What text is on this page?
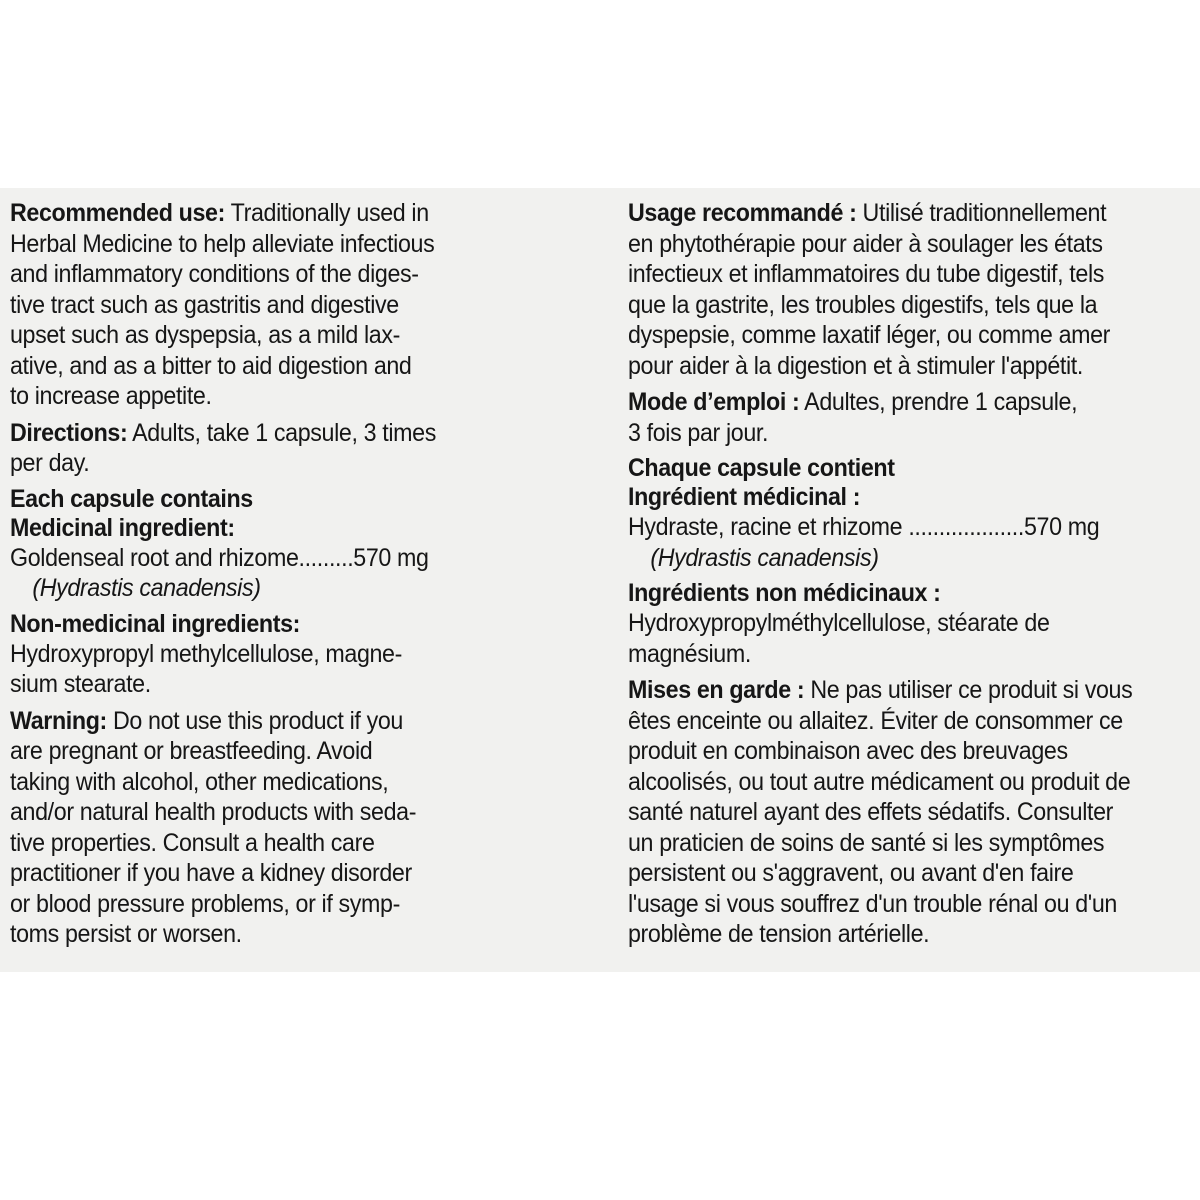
Recommended use: Traditionally used in
Herbal Medicine to help alleviate infectious
and inflammatory conditions of the diges-
tive tract such as gastritis and digestive
upset such as dyspepsia, as a mild lax-
ative, and as a bitter to aid digestion and
to increase appetite.
Directions: Adults, take 1 capsule, 3 times
per day.
Each capsule contains
Medicinal ingredient:
Goldenseal root and rhizome.........570 mg
(Hydrastis canadensis)
Non-medicinal ingredients:
Hydroxypropyl methylcellulose, magne-
sium stearate.
Warning: Do not use this product if you
are pregnant or breastfeeding. Avoid
taking with alcohol, other medications,
and/or natural health products with seda-
tive properties. Consult a health care
practitioner if you have a kidney disorder
or blood pressure problems, or if symp-
toms persist or worsen.
Usage recommandé : Utilisé traditionnellement
en phytothérapie pour aider à soulager les états
infectieux et inflammatoires du tube digestif, tels
que la gastrite, les troubles digestifs, tels que la
dyspepsie, comme laxatif léger, ou comme amer
pour aider à la digestion et à stimuler l'appétit.
Mode d’emploi : Adultes, prendre 1 capsule,
3 fois par jour.
Chaque capsule contient
Ingrédient médicinal :
Hydraste, racine et rhizome ...................570 mg
(Hydrastis canadensis)
Ingrédients non médicinaux :
Hydroxypropylméthylcellulose, stéarate de
magnésium.
Mises en garde : Ne pas utiliser ce produit si vous
êtes enceinte ou allaitez. Éviter de consommer ce
produit en combinaison avec des breuvages
alcoolisés, ou tout autre médicament ou produit de
santé naturel ayant des effets sédatifs. Consulter
un praticien de soins de santé si les symptômes
persistent ou s'aggravent, ou avant d'en faire
l'usage si vous souffrez d'un trouble rénal ou d'un
problème de tension artérielle.
